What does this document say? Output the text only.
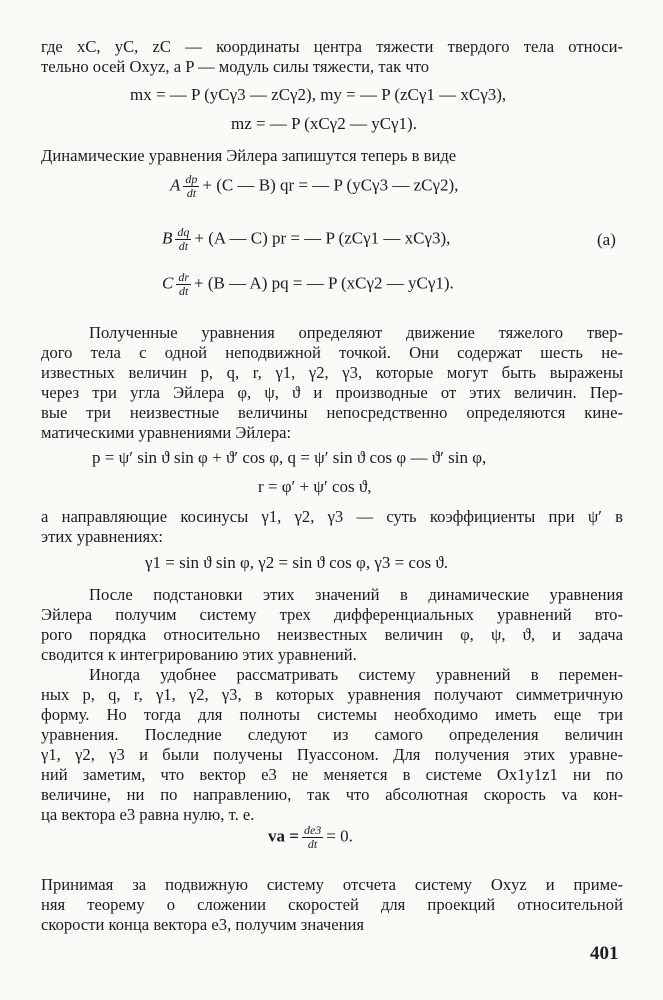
где xC, yC, zC — координаты центра тяжести твердого тела относи-
тельно осей Oxyz, а P — модуль силы тяжести, так что
mx = — P (yCγ3 — zCγ2), my = — P (zCγ1 — xCγ3),
mz = — P (xCγ2 — yCγ1).
Динамические уравнения Эйлера запишутся теперь в виде
A $\frac{dp}{dt} + (C$ — B) qr = — P (yCγ3 — zCγ2),
B $\frac{dq}{dt} + (A$ — C) pr = — P (zCγ1 — xCγ3),	(a)
C $\frac{dr}{dt} + (B$ — A) pq = — P (xCγ2 — yCγ1).
Полученные уравнения определяют движение тяжелого твер-
дого тела с одной неподвижной точкой. Они содержат шесть не-
известных величин p, q, r, γ1, γ2, γ3, которые могут быть выражены
через три угла Эйлера φ, ψ, ϑ и производные от этих величин. Пер-
вые три неизвестные величины непосредственно определяются кине-
матическими уравнениями Эйлера:
p = ψ′ sin ϑ sin φ + ϑ′ cos φ, q = ψ′ sin ϑ cos φ — ϑ′ sin φ,
r = φ′ + ψ′ cos ϑ,
а направляющие косинусы γ1, γ2, γ3 — суть коэффициенты при ψ′ в
этих уравнениях:
γ1 = sin ϑ sin φ, γ2 = sin ϑ cos φ, γ3 = cos ϑ.
После подстановки этих значений в динамические уравнения
Эйлера получим систему трех дифференциальных уравнений вто-
рого порядка относительно неизвестных величин φ, ψ, ϑ, и задача
сводится к интегрированию этих уравнений.
Иногда удобнее рассматривать систему уравнений в перемен-
ных p, q, r, γ1, γ2, γ3, в которых уравнения получают симметричную
форму. Но тогда для полноты системы необходимо иметь еще три
уравнения. Последние следуют из самого определения величин
γ1, γ2, γ3 и были получены Пуассоном. Для получения этих уравне-
ний заметим, что вектор e3 не меняется в системе Ox1y1z1 ни по
величине, ни по направлению, так что абсолютная скорость va кон-
ца вектора e3 равна нулю, т. е.
va = $\frac{de3}{dt} = 0$.
Принимая за подвижную систему отсчета систему Oxyz и приме-
няя теорему о сложении скоростей для проекций относительной
скорости конца вектора e3, получим значения
401
